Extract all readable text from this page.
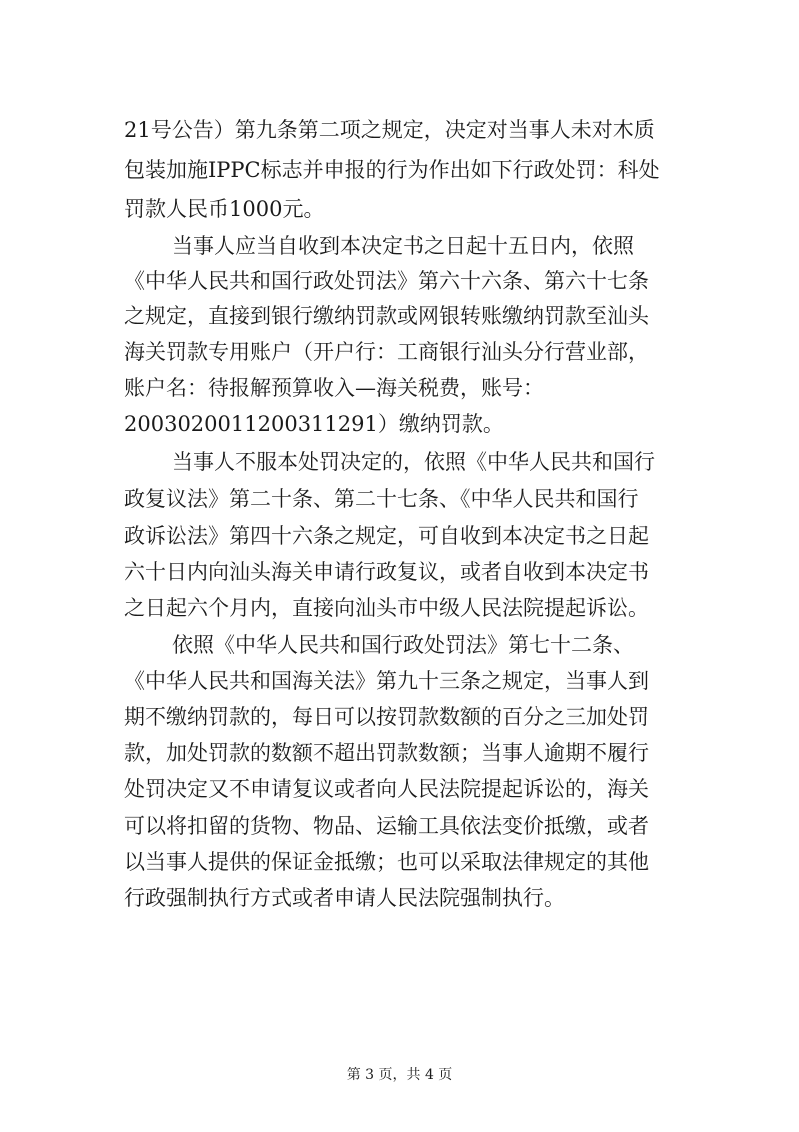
21号公告）第九条第二项之规定，决定对当事人未对木质

包装加施IPPC标志并申报的行为作出如下行政处罚：科处

罚款人民币1000元。

当事人应当自收到本决定书之日起十五日内，依照

《中华人民共和国行政处罚法》第六十六条、第六十七条

之规定，直接到银行缴纳罚款或网银转账缴纳罚款至汕头

海关罚款专用账户（开户行：工商银行汕头分行营业部，

账户名：待报解预算收入—海关税费，账号：

2003020011200311291）缴纳罚款。

当事人不服本处罚决定的，依照《中华人民共和国行

政复议法》第二十条、第二十七条、《中华人民共和国行

政诉讼法》第四十六条之规定，可自收到本决定书之日起

六十日内向汕头海关申请行政复议，或者自收到本决定书

之日起六个月内，直接向汕头市中级人民法院提起诉讼。

依照《中华人民共和国行政处罚法》第七十二条、

《中华人民共和国海关法》第九十三条之规定，当事人到

期不缴纳罚款的，每日可以按罚款数额的百分之三加处罚

款，加处罚款的数额不超出罚款数额；当事人逾期不履行

处罚决定又不申请复议或者向人民法院提起诉讼的，海关

可以将扣留的货物、物品、运输工具依法变价抵缴，或者

以当事人提供的保证金抵缴；也可以采取法律规定的其他

行政强制执行方式或者申请人民法院强制执行。

第 3 页，共 4 页
